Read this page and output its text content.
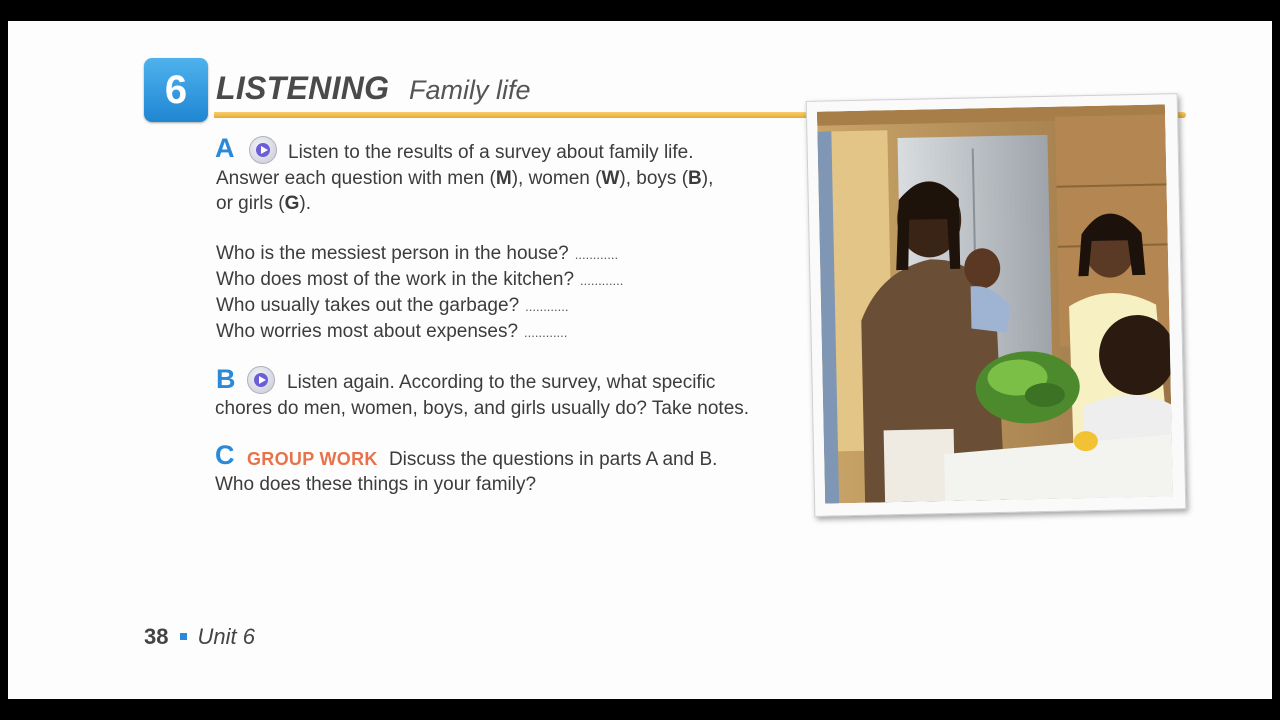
6 LISTENING Family life
A	Listen to the results of a survey about family life.
Answer each question with men (M), women (W), boys (B),
or girls (G).
Who is the messiest person in the house? ............
Who does most of the work in the kitchen? ............
Who usually takes out the garbage? ............
Who worries most about expenses? ............
B	Listen again. According to the survey, what specific
chores do men, women, boys, and girls usually do? Take notes.
C GROUP WORK Discuss the questions in parts A and B.
Who does these things in your family?
38 Unit 6
